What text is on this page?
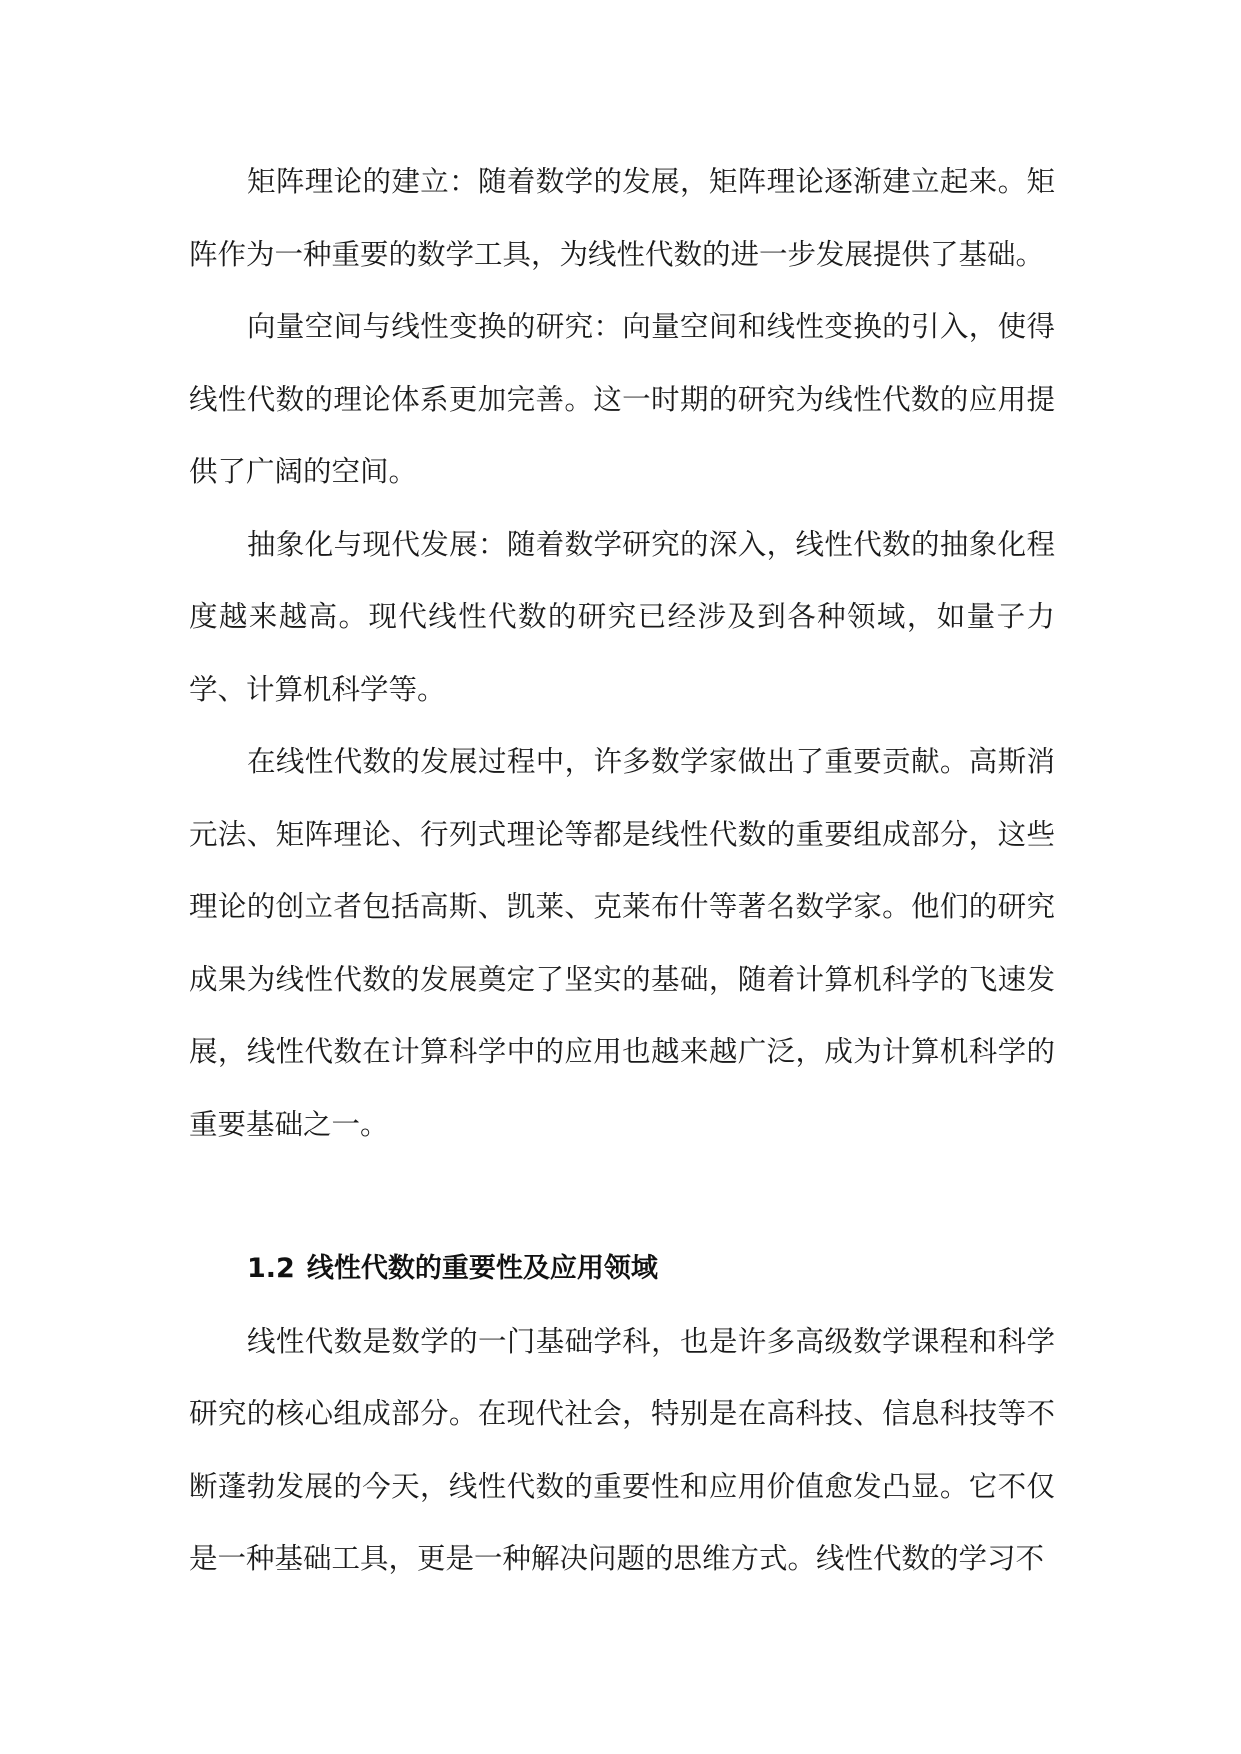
矩阵理论的建立：随着数学的发展，矩阵理论逐渐建立起来。矩阵作为一种重要的数学工具，为线性代数的进一步发展提供了基础。

向量空间与线性变换的研究：向量空间和线性变换的引入，使得线性代数的理论体系更加完善。这一时期的研究为线性代数的应用提供了广阔的空间。

抽象化与现代发展：随着数学研究的深入，线性代数的抽象化程度越来越高。现代线性代数的研究已经涉及到各种领域，如量子力学、计算机科学等。

在线性代数的发展过程中，许多数学家做出了重要贡献。高斯消元法、矩阵理论、行列式理论等都是线性代数的重要组成部分，这些理论的创立者包括高斯、凯莱、克莱布什等著名数学家。他们的研究成果为线性代数的发展奠定了坚实的基础，随着计算机科学的飞速发展，线性代数在计算科学中的应用也越来越广泛，成为计算机科学的重要基础之一。

1.2 线性代数的重要性及应用领域

线性代数是数学的一门基础学科，也是许多高级数学课程和科学研究的核心组成部分。在现代社会，特别是在高科技、信息科技等不断蓬勃发展的今天，线性代数的重要性和应用价值愈发凸显。它不仅是一种基础工具，更是一种解决问题的思维方式。线性代数的学习不
